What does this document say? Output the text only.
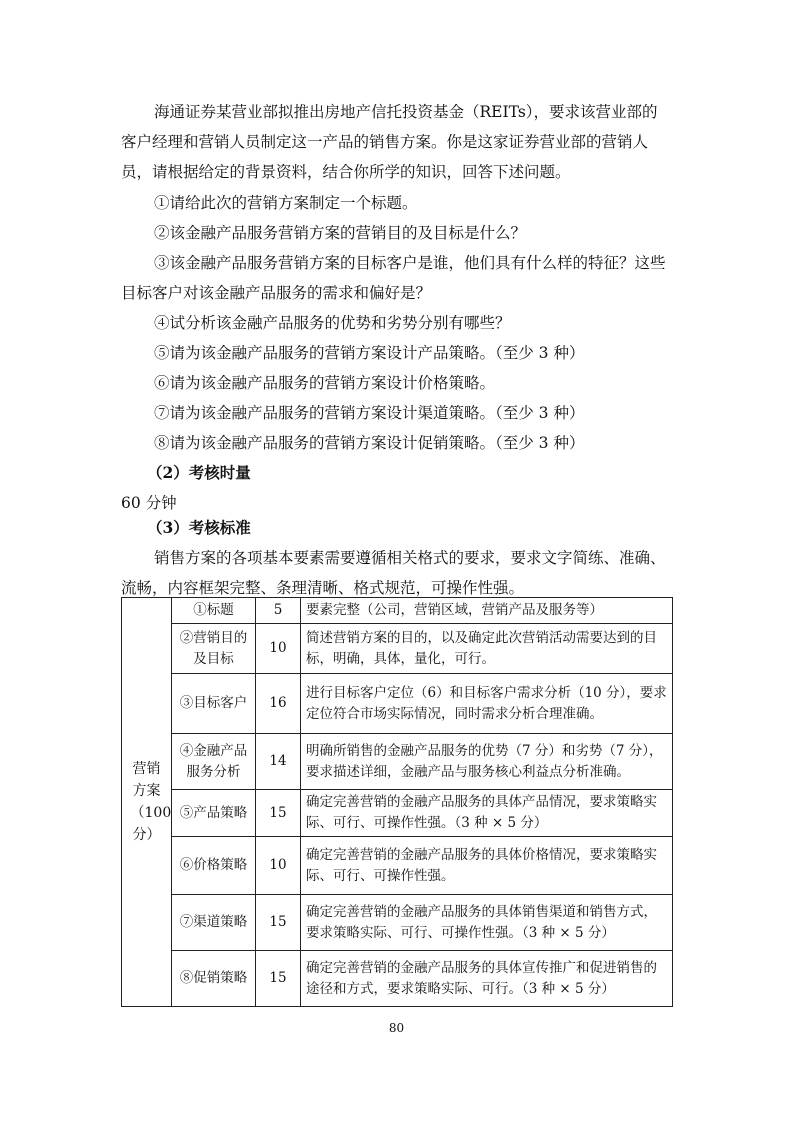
海通证券某营业部拟推出房地产信托投资基金（REITs），要求该营业部的
客户经理和营销人员制定这一产品的销售方案。你是这家证券营业部的营销人
员，请根据给定的背景资料，结合你所学的知识，回答下述问题。
①请给此次的营销方案制定一个标题。
②该金融产品服务营销方案的营销目的及目标是什么？
③该金融产品服务营销方案的目标客户是谁，他们具有什么样的特征？这些
目标客户对该金融产品服务的需求和偏好是？
④试分析该金融产品服务的优势和劣势分别有哪些？
⑤请为该金融产品服务的营销方案设计产品策略。（至少 3 种）
⑥请为该金融产品服务的营销方案设计价格策略。
⑦请为该金融产品服务的营销方案设计渠道策略。（至少 3 种）
⑧请为该金融产品服务的营销方案设计促销策略。（至少 3 种）
（2）考核时量
60 分钟
（3）考核标准
销售方案的各项基本要素需要遵循相关格式的要求，要求文字简练、准确、
流畅，内容框架完整、条理清晰、格式规范，可操作性强。
营销
方案
（100
分）	①标题	5	要素完整（公司，营销区域，营销产品及服务等）
	②营销目的及目标	10	简述营销方案的目的，以及确定此次营销活动需要达到的目标，明确，具体，量化，可行。
	③目标客户	16	进行目标客户定位（6）和目标客户需求分析（10 分），要求定位符合市场实际情况，同时需求分析合理准确。
	④金融产品服务分析	14	明确所销售的金融产品服务的优势（7 分）和劣势（7 分），要求描述详细，金融产品与服务核心利益点分析准确。
	⑤产品策略	15	确定完善营销的金融产品服务的具体产品情况，要求策略实际、可行、可操作性强。（3 种 × 5 分）
	⑥价格策略	10	确定完善营销的金融产品服务的具体价格情况，要求策略实际、可行、可操作性强。
	⑦渠道策略	15	确定完善营销的金融产品服务的具体销售渠道和销售方式，要求策略实际、可行、可操作性强。（3 种 × 5 分）
	⑧促销策略	15	确定完善营销的金融产品服务的具体宣传推广和促进销售的途径和方式，要求策略实际、可行。（3 种 × 5 分）
80
